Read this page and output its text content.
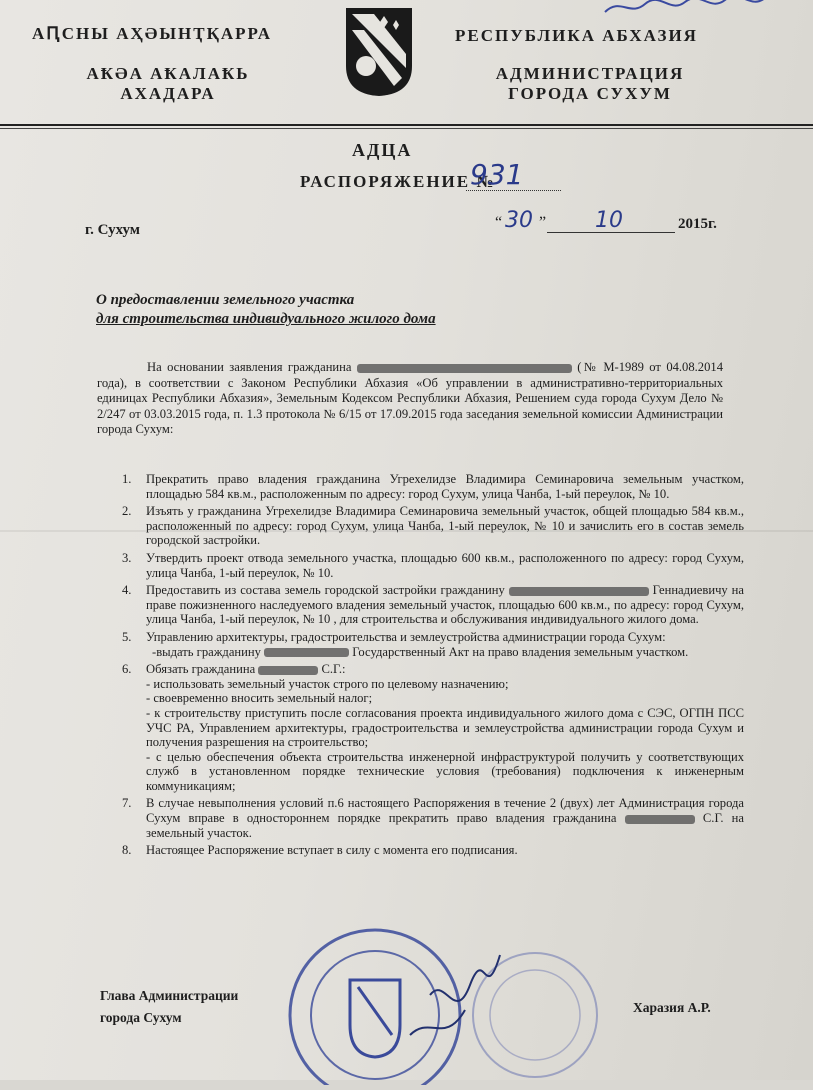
АԤСНЫ АҲӘЫНҬҚАРРА
АҞӘА АҞАЛАҞЬ
АХАДАРА
РЕСПУБЛИКА АБХАЗИЯ
АДМИНИСТРАЦИЯ
ГОРОДА СУХУМ
АДЦА
РАСПОРЯЖЕНИЕ №
931
г. Сухум	“ 30 ” 10	2015г.
О предоставлении земельного участка
для строительства индивидуального жилого дома
На основании заявления гражданина	(№ М-1989 от 04.08.2014 года), в соответствии с Законом Республики Абхазия «Об управлении в административно-территориальных единицах Республики Абхазия», Земельным Кодексом Республики Абхазия, Решением суда города Сухум Дело № 2/247 от 03.03.2015 года, п. 1.3 протокола № 6/15 от 17.09.2015 года заседания земельной комиссии Администрации города Сухум:
1. Прекратить право владения гражданина Угрехелидзе Владимира Семинаровича земельным участком, площадью 584 кв.м., расположенным по адресу: город Сухум, улица Чанба, 1-ый переулок, № 10.
2. Изъять у гражданина Угрехелидзе Владимира Семинаровича земельный участок, общей площадью 584 кв.м., расположенный по адресу: город Сухум, улица Чанба, 1-ый переулок, № 10 и зачислить его в состав земель городской застройки.
3. Утвердить проект отвода земельного участка, площадью 600 кв.м., расположенного по адресу: город Сухум, улица Чанба, 1-ый переулок, № 10.
4. Предоставить из состава земель городской застройки гражданину	Геннадиевичу на праве пожизненного наследуемого владения земельный участок, площадью 600 кв.м., по адресу: город Сухум, улица Чанба, 1-ый переулок, № 10 , для строительства и обслуживания индивидуального жилого дома.
5. Управлению архитектуры, градостроительства и землеустройства администрации города Сухум:
-выдать гражданину	Государственный Акт на право владения земельным участком.
6. Обязать гражданина	С.Г.:
- использовать земельный участок строго по целевому назначению;
- своевременно вносить земельный налог;
- к строительству приступить после согласования проекта индивидуального жилого дома с СЭС, ОГПН ПСС УЧС РА, Управлением архитектуры, градостроительства и землеустройства администрации города Сухум и получения разрешения на строительство;
- с целью обеспечения объекта строительства инженерной инфраструктурой получить у соответствующих служб в установленном порядке технические условия (требования) подключения к инженерным коммуникациям;
7. В случае невыполнения условий п.6 настоящего Распоряжения в течение 2 (двух) лет Администрация города Сухум вправе в одностороннем порядке прекратить право владения гражданина	С.Г. на земельный участок.
8. Настоящее Распоряжение вступает в силу с момента его подписания.
Глава Администрации
города Сухум
Харазия А.Р.
